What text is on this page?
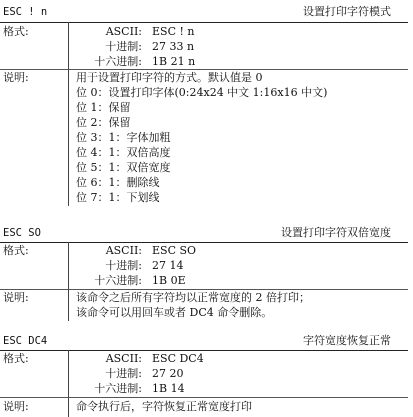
ESC ! n	设置打印字符模式
格式:	ASCII: ESC ! n
十进制: 27 33 n
十六进制: 1B 21 n
说明:	用于设置打印字符的方式。默认值是 0
位 0：设置打印字体(0:24x24 中文 1:16x16 中文)
位 1：保留
位 2：保留
位 3：1：字体加粗
位 4：1：双倍高度
位 5：1：双倍宽度
位 6：1：删除线
位 7：1：下划线
ESC SO	设置打印字符双倍宽度
格式:	ASCII: ESC SO
十进制: 27 14
十六进制: 1B 0E
说明:	该命令之后所有字符均以正常宽度的 2 倍打印；
该命令可以用回车或者 DC4 命令删除。
ESC DC4	字符宽度恢复正常
格式:	ASCII: ESC DC4
十进制: 27 20
十六进制: 1B 14
说明:	命令执行后，字符恢复正常宽度打印
